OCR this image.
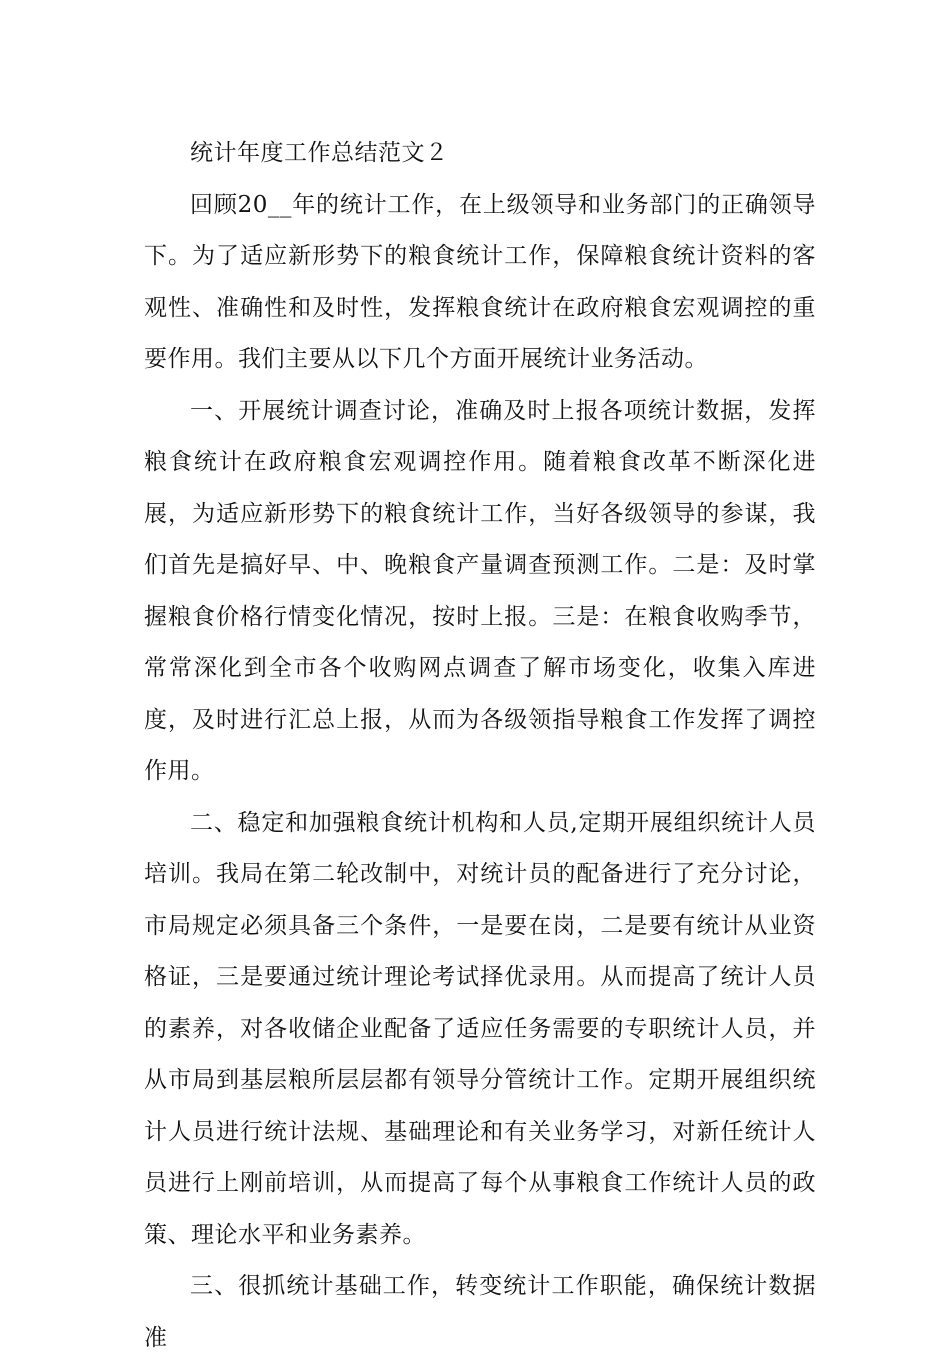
统计年度工作总结范文２

回顾20__年的统计工作，在上级领导和业务部门的正确领导下。为了适应新形势下的粮食统计工作，保障粮食统计资料的客观性、准确性和及时性，发挥粮食统计在政府粮食宏观调控的重要作用。我们主要从以下几个方面开展统计业务活动。

一、开展统计调查讨论，准确及时上报各项统计数据，发挥粮食统计在政府粮食宏观调控作用。随着粮食改革不断深化进展，为适应新形势下的粮食统计工作，当好各级领导的参谋，我们首先是搞好早、中、晚粮食产量调查预测工作。二是：及时掌握粮食价格行情变化情况，按时上报。三是：在粮食收购季节，常常深化到全市各个收购网点调查了解市场变化，收集入库进度，及时进行汇总上报，从而为各级领指导粮食工作发挥了调控作用。

二、稳定和加强粮食统计机构和人员,定期开展组织统计人员培训。我局在第二轮改制中，对统计员的配备进行了充分讨论，市局规定必须具备三个条件，一是要在岗，二是要有统计从业资格证，三是要通过统计理论考试择优录用。从而提高了统计人员的素养，对各收储企业配备了适应任务需要的专职统计人员，并从市局到基层粮所层层都有领导分管统计工作。定期开展组织统计人员进行统计法规、基础理论和有关业务学习，对新任统计人员进行上刚前培训，从而提高了每个从事粮食工作统计人员的政策、理论水平和业务素养。

三、很抓统计基础工作，转变统计工作职能，确保统计数据准
